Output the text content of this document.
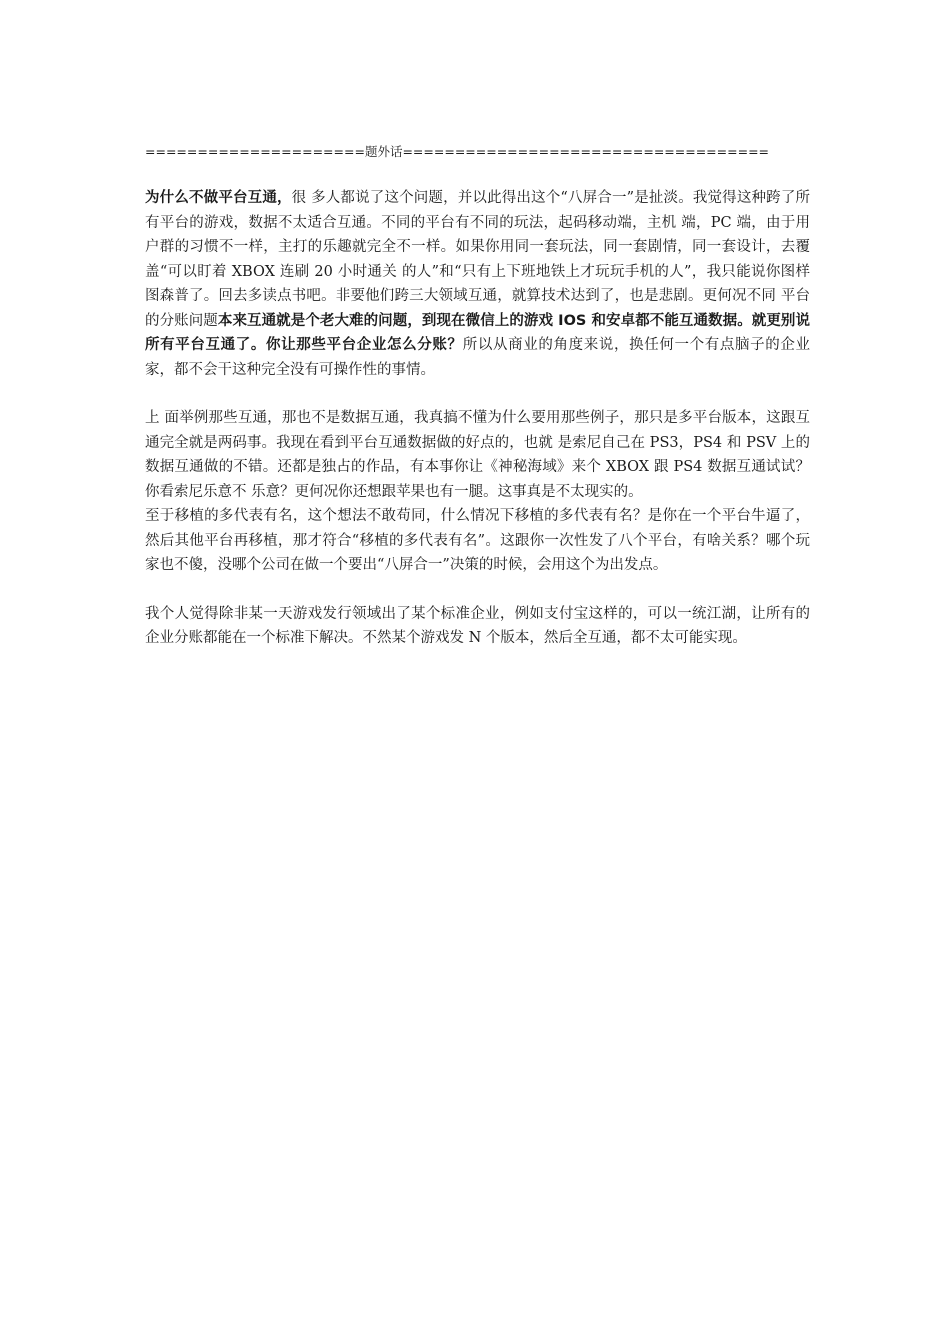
=====================题外话===================================

为什么不做平台互通，很 多人都说了这个问题，并以此得出这个“八屏合一”是扯淡。我觉得这种跨了所有平台的游戏，数据不太适合互通。不同的平台有不同的玩法，起码移动端，主机 端，PC 端，由于用户群的习惯不一样，主打的乐趣就完全不一样。如果你用同一套玩法，同一套剧情，同一套设计，去覆盖“可以盯着 XBOX 连刷 20 小时通关 的人”和“只有上下班地铁上才玩玩手机的人”，我只能说你图样图森普了。回去多读点书吧。非要他们跨三大领域互通，就算技术达到了，也是悲剧。更何况不同 平台的分账问题本来互通就是个老大难的问题，到现在微信上的游戏 IOS 和安卓都不能互通数据。就更别说所有平台互通了。你让那些平台企业怎么分账？所以从商业的角度来说，换任何一个有点脑子的企业家，都不会干这种完全没有可操作性的事情。

上 面举例那些互通，那也不是数据互通，我真搞不懂为什么要用那些例子，那只是多平台版本，这跟互通完全就是两码事。我现在看到平台互通数据做的好点的，也就 是索尼自己在 PS3，PS4 和 PSV 上的数据互通做的不错。还都是独占的作品，有本事你让《神秘海域》来个 XBOX 跟 PS4 数据互通试试？你看索尼乐意不 乐意？更何况你还想跟苹果也有一腿。这事真是不太现实的。

至于移植的多代表有名，这个想法不敢苟同，什么情况下移植的多代表有名？是你在一个平台牛逼了，然后其他平台再移植，那才符合“移植的多代表有名”。这跟你一次性发了八个平台，有啥关系？哪个玩家也不傻，没哪个公司在做一个要出“八屏合一”决策的时候，会用这个为出发点。

我个人觉得除非某一天游戏发行领域出了某个标准企业，例如支付宝这样的，可以一统江湖，让所有的企业分账都能在一个标准下解决。不然某个游戏发 N 个版本，然后全互通，都不太可能实现。
